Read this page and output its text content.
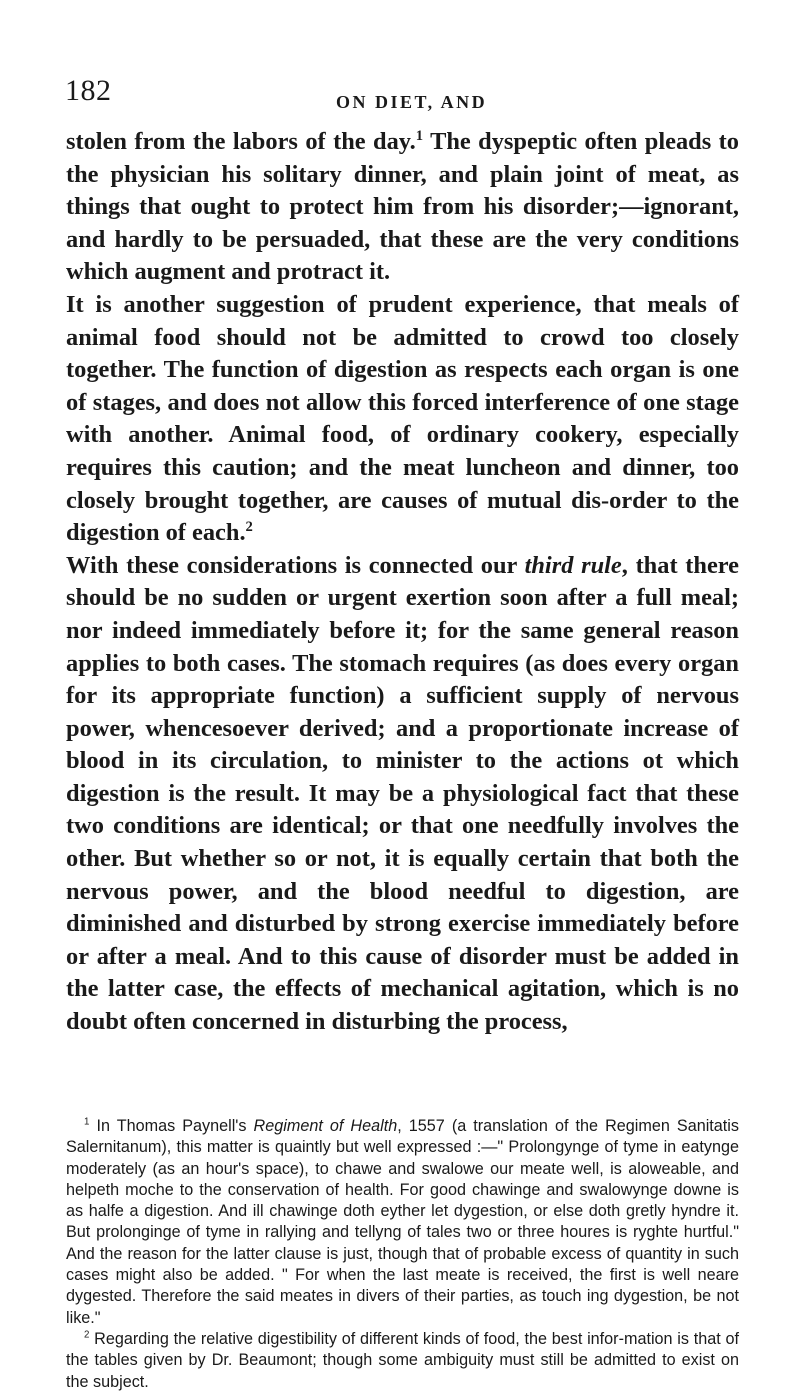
182	ON DIET, AND

stolen from the labors of the day.$^1$ The dyspeptic often pleads to the physician his solitary dinner, and plain joint of meat, as things that ought to protect him from his disorder;—ignorant, and hardly to be persuaded, that these are the very conditions which augment and protract it.

It is another suggestion of prudent experience, that meals of animal food should not be admitted to crowd too closely together. The function of digestion as respects each organ is one of stages, and does not allow this forced interference of one stage with another. Animal food, of ordinary cookery, especially requires this caution; and the meat luncheon and dinner, too closely brought together, are causes of mutual dis-order to the digestion of each.$^2$

With these considerations is connected our third rule, that there should be no sudden or urgent exertion soon after a full meal; nor indeed immediately before it; for the same general reason applies to both cases. The stomach requires (as does every organ for its appropriate function) a sufficient supply of nervous power, whencesoever derived; and a proportionate increase of blood in its circulation, to minister to the actions ot which digestion is the result. It may be a physiological fact that these two conditions are identical; or that one needfully involves the other. But whether so or not, it is equally certain that both the nervous power, and the blood needful to digestion, are diminished and disturbed by strong exercise immediately before or after a meal. And to this cause of disorder must be added in the latter case, the effects of mechanical agitation, which is no doubt often concerned in disturbing the process,

$^1$ In Thomas Paynell's Regiment of Health, 1557 (a translation of the Regimen Sanitatis Salernitanum), this matter is quaintly but well expressed :—" Prolongynge of tyme in eatynge moderately (as an hour's space), to chawe and swalowe our meate well, is aloweable, and helpeth moche to the conservation of health. For good chawinge and swalowynge downe is as halfe a digestion. And ill chawinge doth eyther let dygestion, or else doth gretly hyndre it. But prolonginge of tyme in rallying and tellyng of tales two or three houres is ryghte hurtful." And the reason for the latter clause is just, though that of probable excess of quantity in such cases might also be added. " For when the last meate is received, the first is well neare dygested. Therefore the said meates in divers of their parties, as touch ing dygestion, be not like."

$^2$ Regarding the relative digestibility of different kinds of food, the best infor-mation is that of the tables given by Dr. Beaumont; though some ambiguity must still be admitted to exist on the subject.
